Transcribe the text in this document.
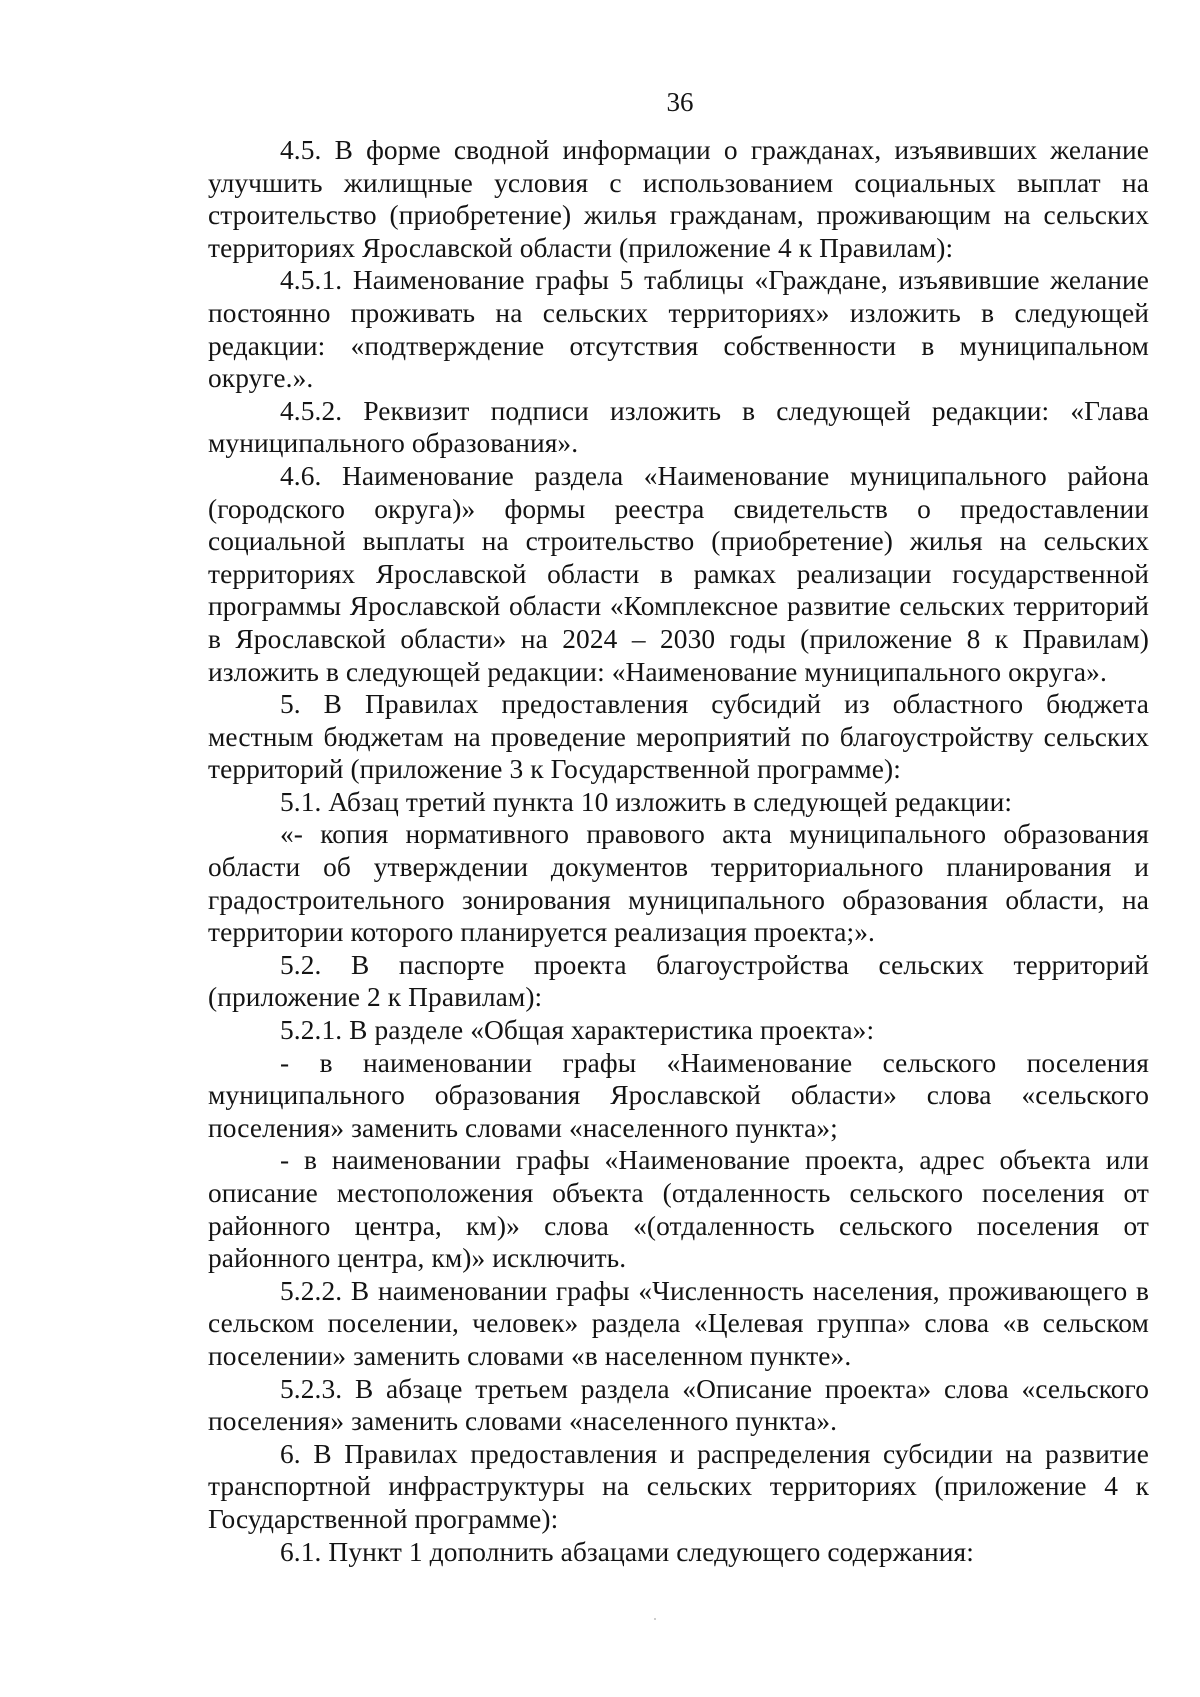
36

4.5. В форме сводной информации о гражданах, изъявивших желание улучшить жилищные условия с использованием социальных выплат на строительство (приобретение) жилья гражданам, проживающим на сельских территориях Ярославской области (приложение 4 к Правилам):

4.5.1. Наименование графы 5 таблицы «Граждане, изъявившие желание постоянно проживать на сельских территориях» изложить в следующей редакции: «подтверждение отсутствия собственности в муниципальном округе.».

4.5.2. Реквизит подписи изложить в следующей редакции: «Глава муниципального образования».

4.6. Наименование раздела «Наименование муниципального района (городского округа)» формы реестра свидетельств о предоставлении социальной выплаты на строительство (приобретение) жилья на сельских территориях Ярославской области в рамках реализации государственной программы Ярославской области «Комплексное развитие сельских территорий в Ярославской области» на 2024 – 2030 годы (приложение 8 к Правилам) изложить в следующей редакции: «Наименование муниципального округа».

5. В Правилах предоставления субсидий из областного бюджета местным бюджетам на проведение мероприятий по благоустройству сельских территорий (приложение 3 к Государственной программе):

5.1. Абзац третий пункта 10 изложить в следующей редакции:

«- копия нормативного правового акта муниципального образования области об утверждении документов территориального планирования и градостроительного зонирования муниципального образования области, на территории которого планируется реализация проекта;».

5.2. В паспорте проекта благоустройства сельских территорий (приложение 2 к Правилам):

5.2.1. В разделе «Общая характеристика проекта»:

- в наименовании графы «Наименование сельского поселения муниципального образования Ярославской области» слова «сельского поселения» заменить словами «населенного пункта»;

- в наименовании графы «Наименование проекта, адрес объекта или описание местоположения объекта (отдаленность сельского поселения от районного центра, км)» слова «(отдаленность сельского поселения от районного центра, км)» исключить.

5.2.2. В наименовании графы «Численность населения, проживающего в сельском поселении, человек» раздела «Целевая группа» слова «в сельском поселении» заменить словами «в населенном пункте».

5.2.3. В абзаце третьем раздела «Описание проекта» слова «сельского поселения» заменить словами «населенного пункта».

6. В Правилах предоставления и распределения субсидии на развитие транспортной инфраструктуры на сельских территориях (приложение 4 к Государственной программе):

6.1. Пункт 1 дополнить абзацами следующего содержания:
